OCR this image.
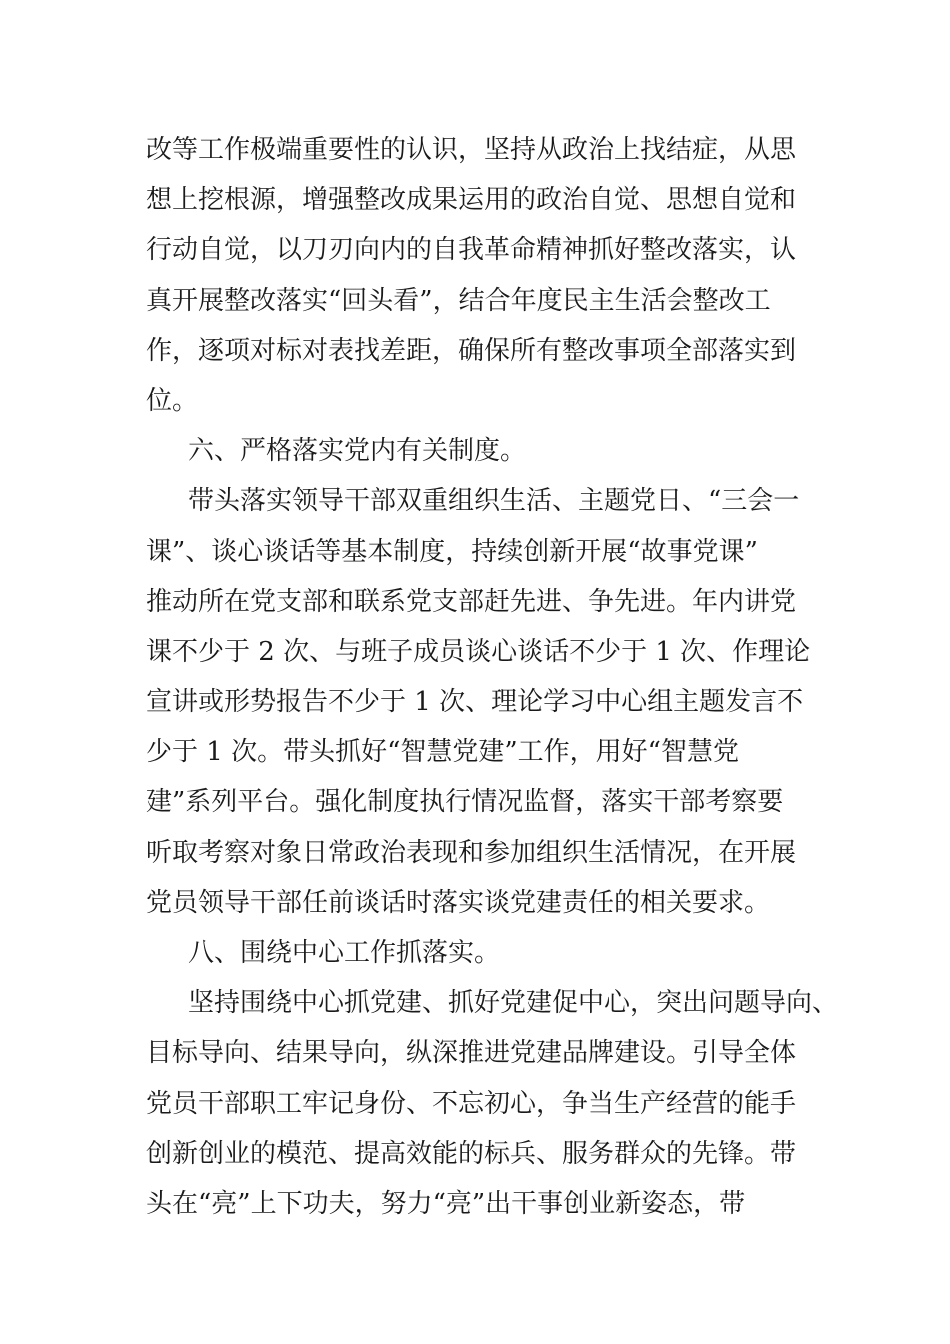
改等工作极端重要性的认识，坚持从政治上找结症，从思
想上挖根源，增强整改成果运用的政治自觉、思想自觉和
行动自觉，以刀刃向内的自我革命精神抓好整改落实，认
真开展整改落实“回头看”，结合年度民主生活会整改工
作，逐项对标对表找差距，确保所有整改事项全部落实到
位。
六、严格落实党内有关制度。
带头落实领导干部双重组织生活、主题党日、“三会一
课”、谈心谈话等基本制度，持续创新开展“故事党课”
推动所在党支部和联系党支部赶先进、争先进。年内讲党
课不少于 2 次、与班子成员谈心谈话不少于 1 次、作理论
宣讲或形势报告不少于 1 次、理论学习中心组主题发言不
少于 1 次。带头抓好“智慧党建”工作，用好“智慧党
建”系列平台。强化制度执行情况监督，落实干部考察要
听取考察对象日常政治表现和参加组织生活情况，在开展
党员领导干部任前谈话时落实谈党建责任的相关要求。
八、围绕中心工作抓落实。
坚持围绕中心抓党建、抓好党建促中心，突出问题导向、
目标导向、结果导向，纵深推进党建品牌建设。引导全体
党员干部职工牢记身份、不忘初心，争当生产经营的能手
创新创业的模范、提高效能的标兵、服务群众的先锋。带
头在“亮”上下功夫，努力“亮”出干事创业新姿态，带
